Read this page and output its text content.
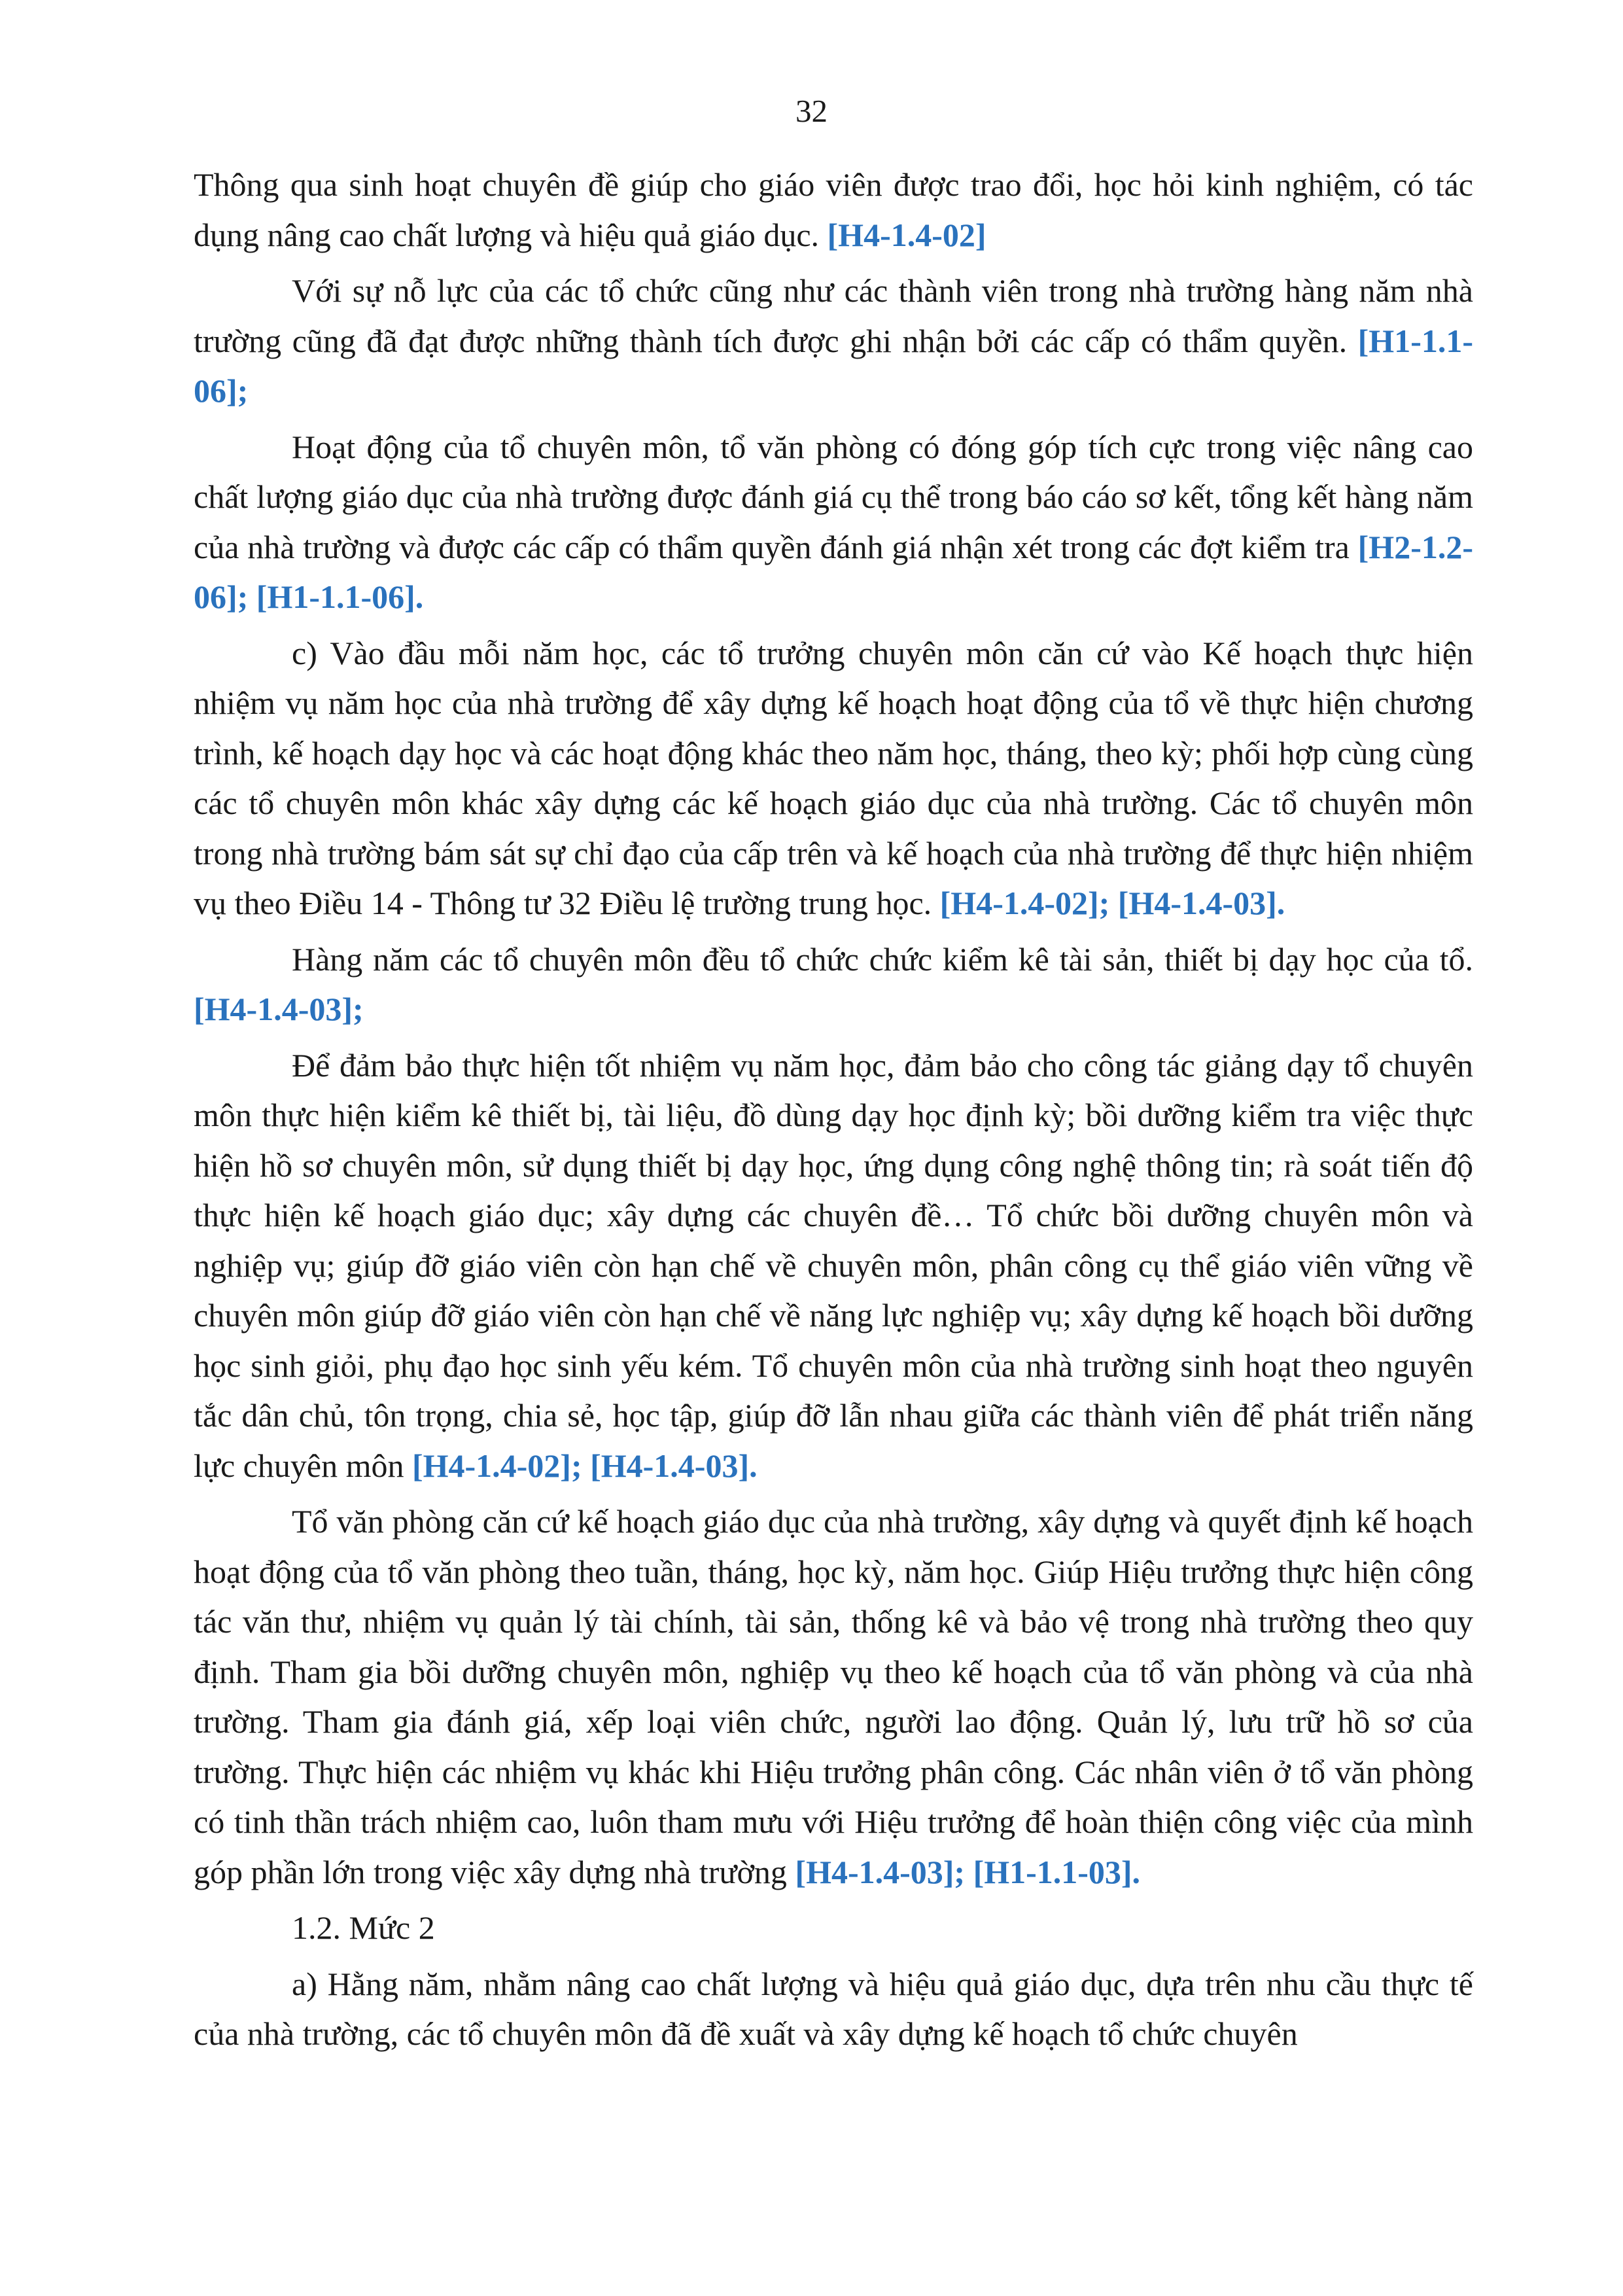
32

Thông qua sinh hoạt chuyên đề giúp cho giáo viên được trao đổi, học hỏi kinh nghiệm, có tác dụng nâng cao chất lượng và hiệu quả giáo dục. [H4-1.4-02]

Với sự nỗ lực của các tổ chức cũng như các thành viên trong nhà trường hàng năm nhà trường cũng đã đạt được những thành tích được ghi nhận bởi các cấp có thẩm quyền. [H1-1.1-06];

Hoạt động của tổ chuyên môn, tổ văn phòng có đóng góp tích cực trong việc nâng cao chất lượng giáo dục của nhà trường được đánh giá cụ thể trong báo cáo sơ kết, tổng kết hàng năm của nhà trường và được các cấp có thẩm quyền đánh giá nhận xét trong các đợt kiểm tra [H2-1.2-06]; [H1-1.1-06].

c) Vào đầu mỗi năm học, các tổ trưởng chuyên môn căn cứ vào Kế hoạch thực hiện nhiệm vụ năm học của nhà trường để xây dựng kế hoạch hoạt động của tổ về thực hiện chương trình, kế hoạch dạy học và các hoạt động khác theo năm học, tháng, theo kỳ; phối hợp cùng cùng các tổ chuyên môn khác xây dựng các kế hoạch giáo dục của nhà trường. Các tổ chuyên môn trong nhà trường bám sát sự chỉ đạo của cấp trên và kế hoạch của nhà trường để thực hiện nhiệm vụ theo Điều 14 - Thông tư 32 Điều lệ trường trung học. [H4-1.4-02]; [H4-1.4-03].

Hàng năm các tổ chuyên môn đều tổ chức chức kiểm kê tài sản, thiết bị dạy học của tổ. [H4-1.4-03];

Để đảm bảo thực hiện tốt nhiệm vụ năm học, đảm bảo cho công tác giảng dạy tổ chuyên môn thực hiện kiểm kê thiết bị, tài liệu, đồ dùng dạy học định kỳ; bồi dưỡng kiểm tra việc thực hiện hồ sơ chuyên môn, sử dụng thiết bị dạy học, ứng dụng công nghệ thông tin; rà soát tiến độ thực hiện kế hoạch giáo dục; xây dựng các chuyên đề… Tổ chức bồi dưỡng chuyên môn và nghiệp vụ; giúp đỡ giáo viên còn hạn chế về chuyên môn, phân công cụ thể giáo viên vững về chuyên môn giúp đỡ giáo viên còn hạn chế về năng lực nghiệp vụ; xây dựng kế hoạch bồi dưỡng học sinh giỏi, phụ đạo học sinh yếu kém. Tổ chuyên môn của nhà trường sinh hoạt theo nguyên tắc dân chủ, tôn trọng, chia sẻ, học tập, giúp đỡ lẫn nhau giữa các thành viên để phát triển năng lực chuyên môn [H4-1.4-02]; [H4-1.4-03].

Tổ văn phòng căn cứ kế hoạch giáo dục của nhà trường, xây dựng và quyết định kế hoạch hoạt động của tổ văn phòng theo tuần, tháng, học kỳ, năm học. Giúp Hiệu trưởng thực hiện công tác văn thư, nhiệm vụ quản lý tài chính, tài sản, thống kê và bảo vệ trong nhà trường theo quy định. Tham gia bồi dưỡng chuyên môn, nghiệp vụ theo kế hoạch của tổ văn phòng và của nhà trường. Tham gia đánh giá, xếp loại viên chức, người lao động. Quản lý, lưu trữ hồ sơ của trường. Thực hiện các nhiệm vụ khác khi Hiệu trưởng phân công. Các nhân viên ở tổ văn phòng có tinh thần trách nhiệm cao, luôn tham mưu với Hiệu trưởng để hoàn thiện công việc của mình góp phần lớn trong việc xây dựng nhà trường [H4-1.4-03]; [H1-1.1-03].

1.2. Mức 2

a) Hằng năm, nhằm nâng cao chất lượng và hiệu quả giáo dục, dựa trên nhu cầu thực tế của nhà trường, các tổ chuyên môn đã đề xuất và xây dựng kế hoạch tổ chức chuyên
